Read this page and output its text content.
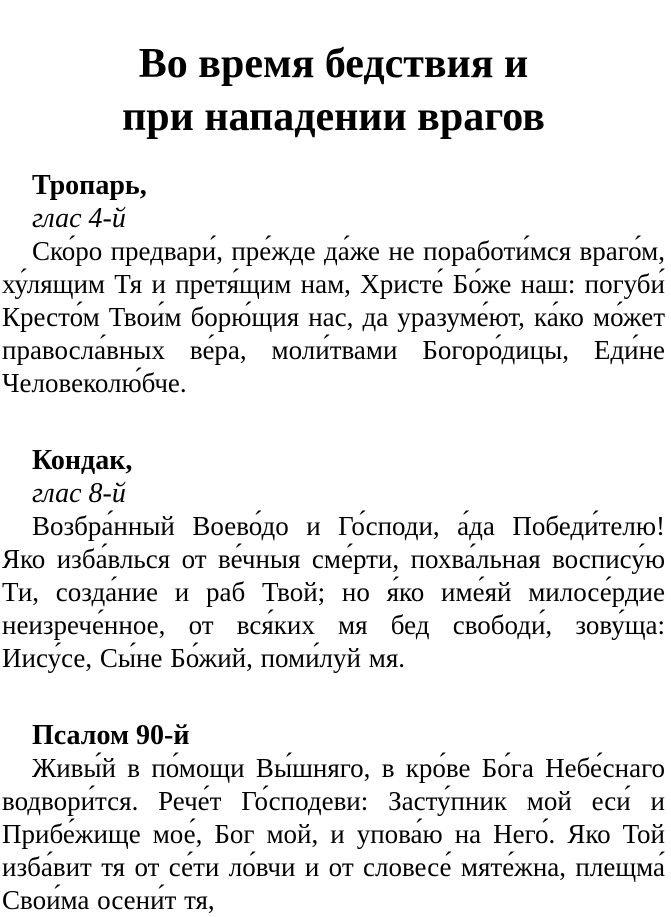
Во время бедствия и
при нападении врагов
Тропарь,
глас 4-й
Ско́ро предвари́, пре́жде да́же не поработи́мся враго́м, ху́лящим Тя и претя́щим нам, Христе́ Бо́же наш: погуби́ Кресто́м Твои́м борю́щия нас, да уразуме́ют, ка́ко мо́жет правосла́вных ве́ра, моли́твами Богоро́дицы, Еди́не Человеколю́бче.
Кондак,
глас 8-й
Возбра́нный Воево́до и Го́споди, а́да Победи́телю! Яко изба́влься от ве́чныя сме́рти, похва́льная воспису́ю Ти, созда́ние и раб Твой; но я́ко име́яй милосе́рдие неизрече́нное, от вся́ких мя бед свободи́, зову́ща: Иису́се, Сы́не Бо́жий, поми́луй мя.
Псалом 90-й
Живы́й в по́мощи Вы́шняго, в кро́ве Бо́га Небе́снаго водвори́тся. Рече́т Го́сподеви: Засту́пник мой еси́ и Прибе́жище мое́, Бог мой, и упова́ю на Него́. Яко Той изба́вит тя от се́ти ло́вчи и от словесе́ мяте́жна, плещма́ Свои́ма осени́т тя,
